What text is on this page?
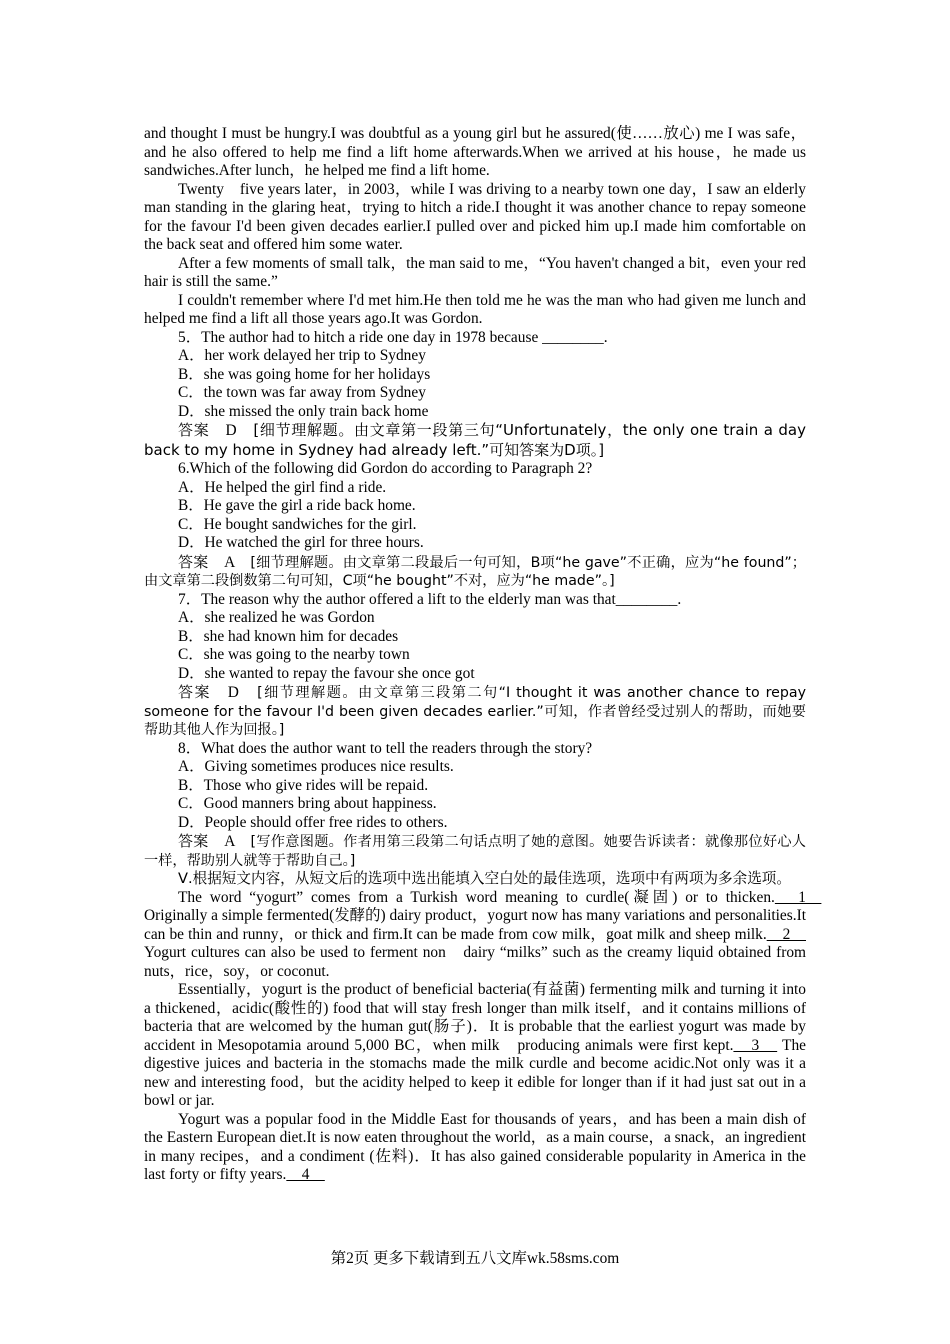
and thought I must be hungry.I was doubtful as a young girl but he assured(使……放心) me I was safe， and he also offered to help me find a lift home afterwards.When we arrived at his house，he made us sandwiches.After lunch，he helped me find a lift home.

Twenty　five years later，in 2003，while I was driving to a nearby town one day，I saw an elderly man standing in the glaring heat，trying to hitch a ride.I thought it was another chance to repay someone for the favour I'd been given decades earlier.I pulled over and picked him up.I made him comfortable on the back seat and offered him some water.

After a few moments of small talk，the man said to me，“You haven't changed a bit，even your red hair is still the same.”

I couldn't remember where I'd met him.He then told me he was the man who had given me lunch and helped me find a lift all those years ago.It was Gordon.

5．The author had to hitch a ride one day in 1978 because ________.

A．her work delayed her trip to Sydney

B．she was going home for her holidays

C．the town was far away from Sydney

D．she missed the only train back home

答案　 D　 [细节理解题。由文章第一段第三句“Unfortunately，the only one train a day back to my home in Sydney had already left.”可知答案为D项。]

6.Which of the following did Gordon do according to Paragraph 2?

A．He helped the girl find a ride.

B．He gave the girl a ride back home.

C．He bought sandwiches for the girl.

D．He watched the girl for three hours.

答案　 A　 [细节理解题。由文章第二段最后一句可知，B项“he gave”不正确，应为“he found”；由文章第二段倒数第二句可知，C项“he bought”不对，应为“he made”。]

7．The reason why the author offered a lift to the elderly man was that________.

A．she realized he was Gordon

B．she had known him for decades

C．she was going to the nearby town

D．she wanted to repay the favour she once got

答案　 D　 [细节理解题。由文章第三段第二句“I thought it was another chance to repay someone for the favour I'd been given decades earlier.”可知，作者曾经受过别人的帮助，而她要帮助其他人作为回报。]

8．What does the author want to tell the readers through the story?

A．Giving sometimes produces nice results.

B．Those who give rides will be repaid.

C．Good manners bring about happiness.

D．People should offer free rides to others.

答案　 A　 [写作意图题。作者用第三段第二句话点明了她的意图。她要告诉读者：就像那位好心人一样，帮助别人就等于帮助自己。]

Ⅴ.根据短文内容，从短文后的选项中选出能填入空白处的最佳选项，选项中有两项为多余选项。

The word “yogurt” comes from a Turkish word meaning to curdle(凝固) or to thicken.　1　Originally a simple fermented(发酵的) dairy product，yogurt now has many variations and personalities.It can be thin and runny，or thick and firm.It can be made from cow milk，goat milk and sheep milk.　2　 Yogurt cultures can also be used to ferment non　dairy “milks” such as the creamy liquid obtained from nuts，rice，soy，or coconut.

Essentially，yogurt is the product of beneficial bacteria(有益菌) fermenting milk and turning it into a thickened，acidic(酸性的) food that will stay fresh longer than milk itself，and it contains millions of bacteria that are welcomed by the human gut(肠子)．It is probable that the earliest yogurt was made by accident in Mesopotamia around 5,000 BC，when milk　producing animals were first kept.　3　 The digestive juices and bacteria in the stomachs made the milk curdle and become acidic.Not only was it a new and interesting food，but the acidity helped to keep it edible for longer than if it had just sat out in a bowl or jar.

Yogurt was a popular food in the Middle East for thousands of years，and has been a main dish of the Eastern European diet.It is now eaten throughout the world，as a main course，a snack，an ingredient in many recipes，and a condiment (佐料)．It has also gained considerable popularity in America in the last forty or fifty years.　4　

第2页 更多下载请到五八文库wk.58sms.com
